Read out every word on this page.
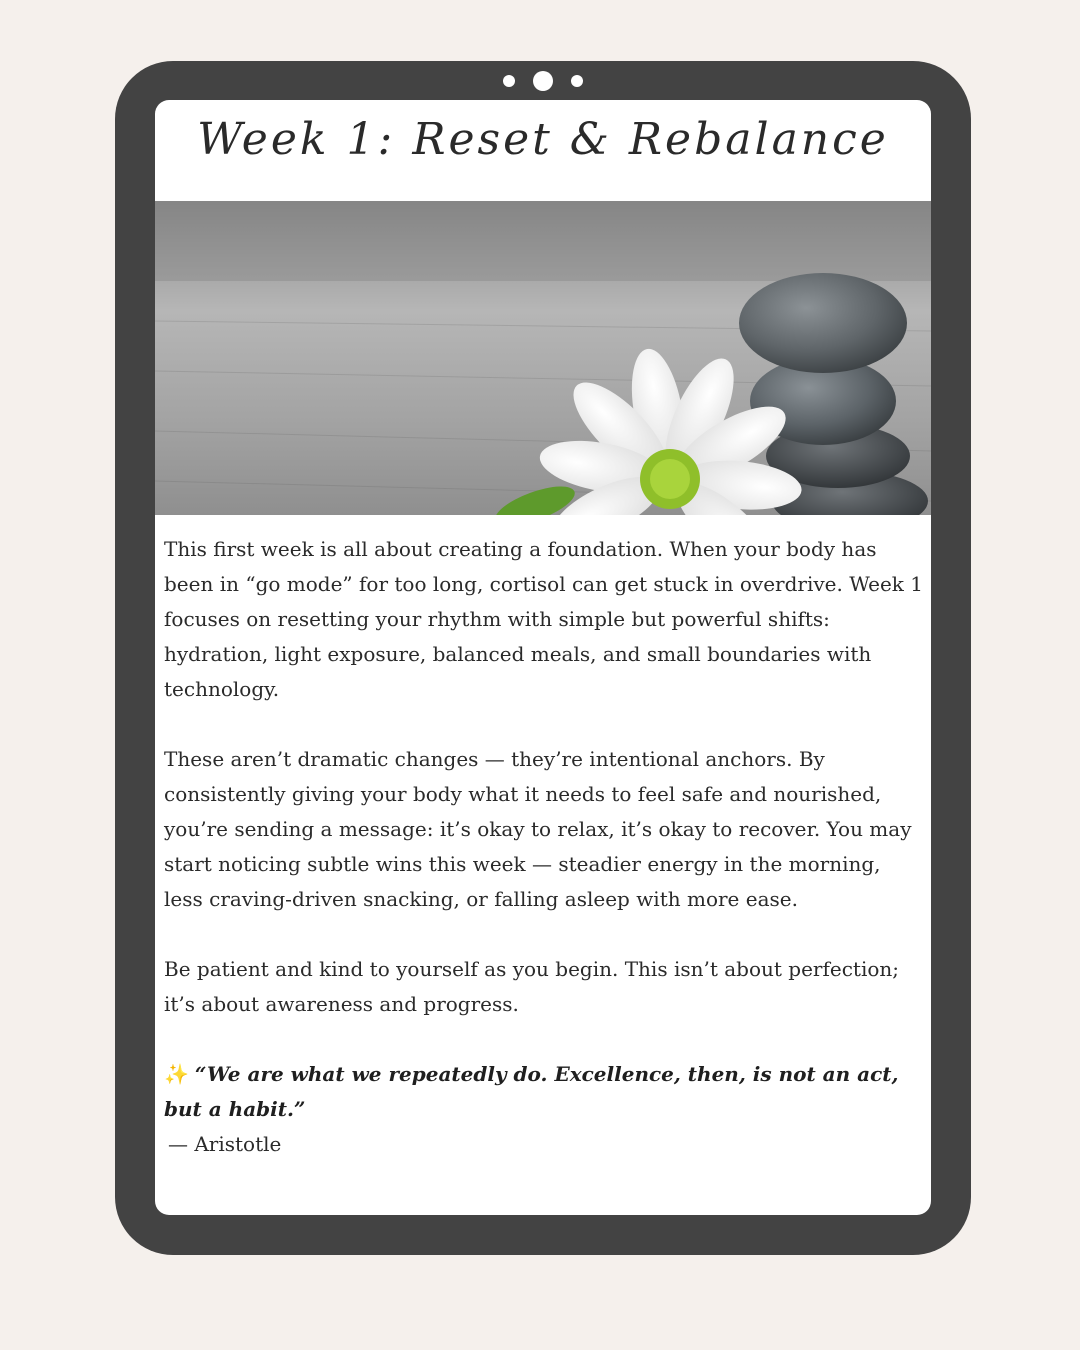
Week 1: Reset & Rebalance

This first week is all about creating a foundation. When your body has been in “go mode” for too long, cortisol can get stuck in overdrive. Week 1 focuses on resetting your rhythm with simple but powerful shifts: hydration, light exposure, balanced meals, and small boundaries with technology.

These aren’t dramatic changes — they’re intentional anchors. By consistently giving your body what it needs to feel safe and nourished, you’re sending a message: it’s okay to relax, it’s okay to recover. You may start noticing subtle wins this week — steadier energy in the morning, less craving-driven snacking, or falling asleep with more ease.

Be patient and kind to yourself as you begin. This isn’t about perfection; it’s about awareness and progress.

✨ “We are what we repeatedly do. Excellence, then, is not an act, but a habit.”
— Aristotle
